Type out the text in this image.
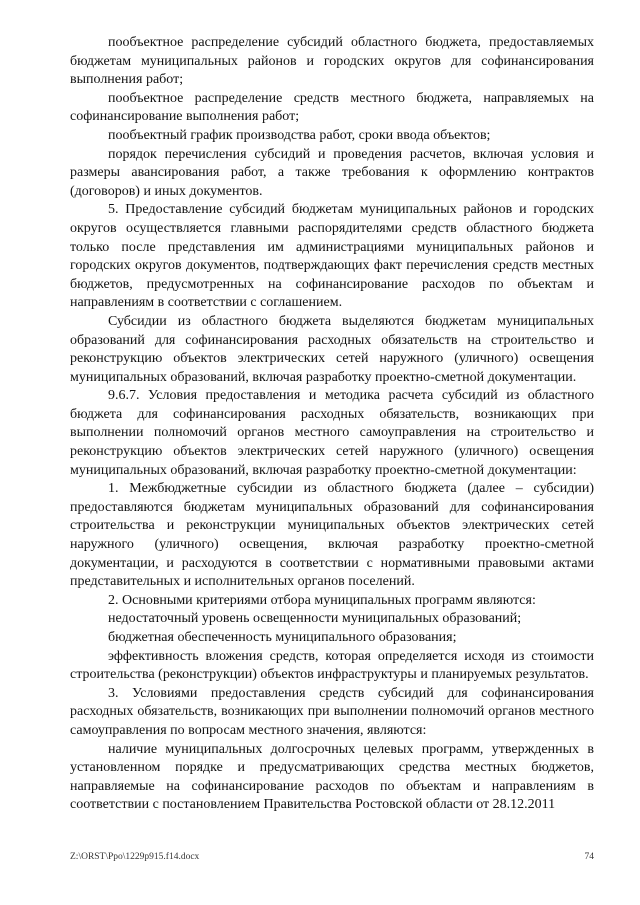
пообъектное распределение субсидий областного бюджета, предоставляемых бюджетам муниципальных районов и городских округов для софинансирования выполнения работ;

пообъектное распределение средств местного бюджета, направляемых на софинансирование выполнения работ;

пообъектный график производства работ, сроки ввода объектов;

порядок перечисления субсидий и проведения расчетов, включая условия и размеры авансирования работ, а также требования к оформлению контрактов (договоров) и иных документов.

5. Предоставление субсидий бюджетам муниципальных районов и городских округов осуществляется главными распорядителями средств областного бюджета только после представления им администрациями муниципальных районов и городских округов документов, подтверждающих факт перечисления средств местных бюджетов, предусмотренных на софинансирование расходов по объектам и направлениям в соответствии с соглашением.

Субсидии из областного бюджета выделяются бюджетам муниципальных образований для софинансирования расходных обязательств на строительство и реконструкцию объектов электрических сетей наружного (уличного) освещения муниципальных образований, включая разработку проектно-сметной документации.

9.6.7. Условия предоставления и методика расчета субсидий из областного бюджета для софинансирования расходных обязательств, возникающих при выполнении полномочий органов местного самоуправления на строительство и реконструкцию объектов электрических сетей наружного (уличного) освещения муниципальных образований, включая разработку проектно-сметной документации:

1. Межбюджетные субсидии из областного бюджета (далее – субсидии) предоставляются бюджетам муниципальных образований для софинансирования строительства и реконструкции муниципальных объектов электрических сетей наружного (уличного) освещения, включая разработку проектно-сметной документации, и расходуются в соответствии с нормативными правовыми актами представительных и исполнительных органов поселений.

2. Основными критериями отбора муниципальных программ являются:

недостаточный уровень освещенности муниципальных образований;

бюджетная обеспеченность муниципального образования;

эффективность вложения средств, которая определяется исходя из стоимости строительства (реконструкции) объектов инфраструктуры и планируемых результатов.

3. Условиями предоставления средств субсидий для софинансирования расходных обязательств, возникающих при выполнении полномочий органов местного самоуправления по вопросам местного значения, являются:

наличие муниципальных долгосрочных целевых программ, утвержденных в установленном порядке и предусматривающих средства местных бюджетов, направляемые на софинансирование расходов по объектам и направлениям в соответствии с постановлением Правительства Ростовской области от 28.12.2011

Z:\ORST\Ppo\1229p915.f14.docx	74
